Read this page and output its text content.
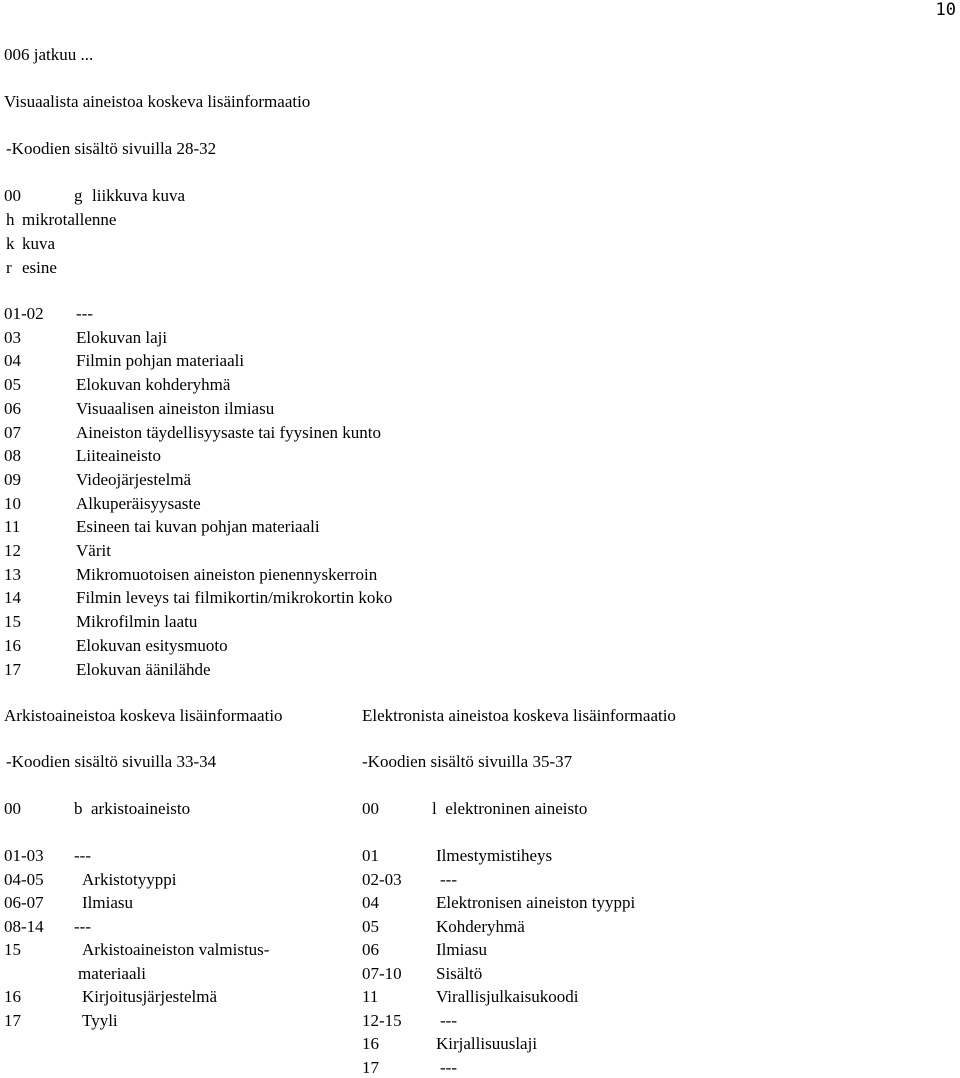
10
006 jatkuu ...
Visuaalista aineistoa koskeva lisäinformaatio
-Koodien sisältö sivuilla 28-32
00	g liikkuva kuva
h mikrotallenne
k kuva
r esine
01-02 ---
03	Elokuvan laji
04	Filmin pohjan materiaali
05	Elokuvan kohderyhmä
06	Visuaalisen aineiston ilmiasu
07	Aineiston täydellisyysaste tai fyysinen kunto
08	Liiteaineisto
09	Videojärjestelmä
10	Alkuperäisyysaste
11	Esineen tai kuvan pohjan materiaali
12	Värit
13	Mikromuotoisen aineiston pienennyskerroin
14	Filmin leveys tai filmikortin/mikrokortin koko
15	Mikrofilmin laatu
16	Elokuvan esitysmuoto
17	Elokuvan äänilähde
Arkistoaineistoa koskeva lisäinformaatio
-Koodien sisältö sivuilla 33-34
00	b arkistoaineisto
01-03 ---
04-05 Arkistotyyppi
06-07 Ilmiasu
08-14 ---
15	Arkistoaineiston valmistus-
materiaali
16	Kirjoitusjärjestelmä
17	Tyyli
Elektronista aineistoa koskeva lisäinformaatio
-Koodien sisältö sivuilla 35-37
00	l elektroninen aineisto
01	Ilmestymistiheys
02-03 ---
04	Elektronisen aineiston tyyppi
05	Kohderyhmä
06	Ilmiasu
07-10 Sisältö
11	Virallisjulkaisukoodi
12-15 ---
16	Kirjallisuuslaji
17	---
